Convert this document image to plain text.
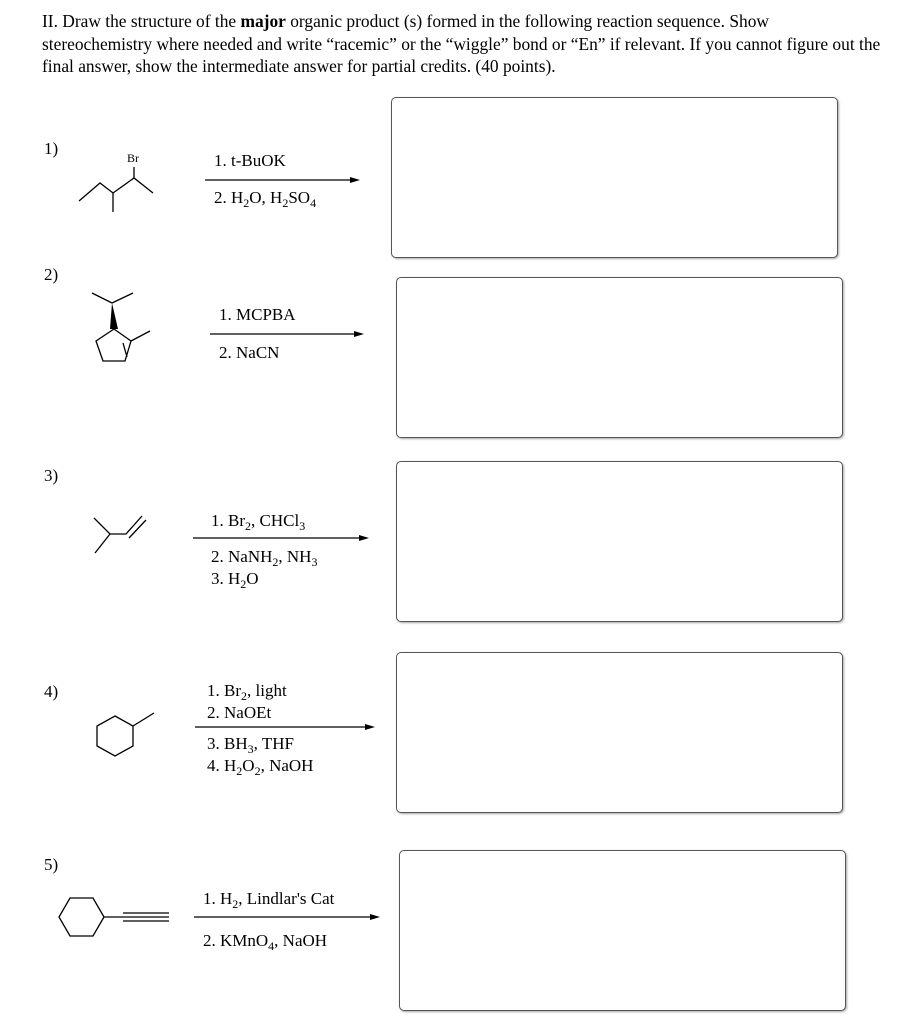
II. Draw the structure of the major organic product (s) formed in the following reaction sequence. Show stereochemistry where needed and write “racemic” or the “wiggle” bond or “En” if relevant. If you cannot figure out the final answer, show the intermediate answer for partial credits. (40 points).

1)	Br	1. t-BuOK
2. $H_2O$, $H_2SO_4$
2)
1. MCPBA
2. NaCN
3)
1. $Br_2$, CHCl$_3$
2. NaNH$_2$, $NH_3$
3. $H_2O$
4)	1. $Br_2$, light
2. NaOEt
3. $BH_3$, THF
4. $H_2O_2$, NaOH
5)
1. $H_2$, Lindlar's Cat
2. KMnO$_4$, NaOH
